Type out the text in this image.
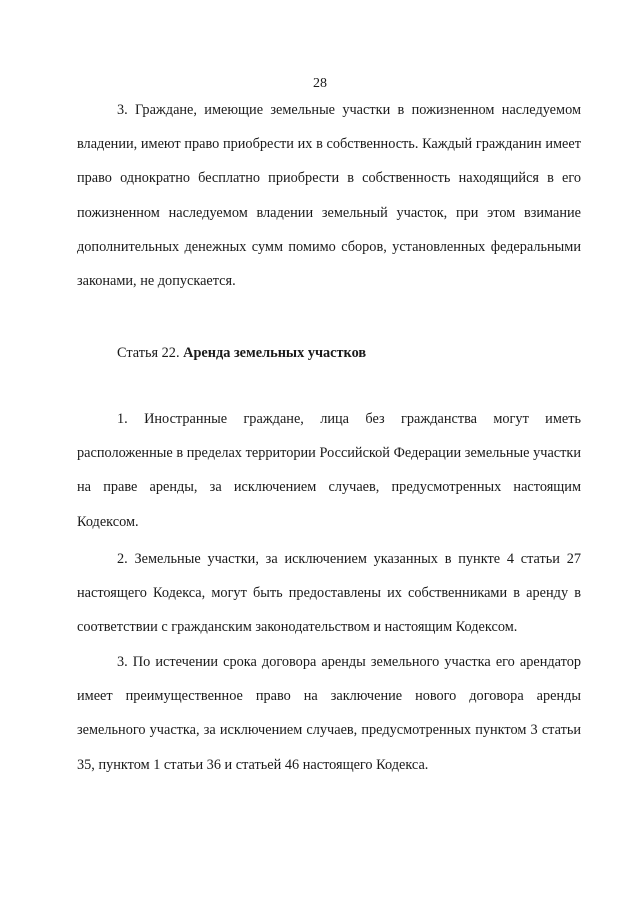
28

3. Граждане, имеющие земельные участки в пожизненном наследуемом владении, имеют право приобрести их в собственность. Каждый гражданин имеет право однократно бесплатно приобрести в собственность находящийся в его пожизненном наследуемом владении земельный участок, при этом взимание дополнительных денежных сумм помимо сборов, установленных федеральными законами, не допускается.

Статья 22. Аренда земельных участков

1. Иностранные граждане, лица без гражданства могут иметь расположенные в пределах территории Российской Федерации земельные участки на праве аренды, за исключением случаев, предусмотренных настоящим Кодексом.

2. Земельные участки, за исключением указанных в пункте 4 статьи 27 настоящего Кодекса, могут быть предоставлены их собственниками в аренду в соответствии с гражданским законодательством и настоящим Кодексом.

3. По истечении срока договора аренды земельного участка его арендатор имеет преимущественное право на заключение нового договора аренды земельного участка, за исключением случаев, предусмотренных пунктом 3 статьи 35, пунктом 1 статьи 36 и статьей 46 настоящего Кодекса.
